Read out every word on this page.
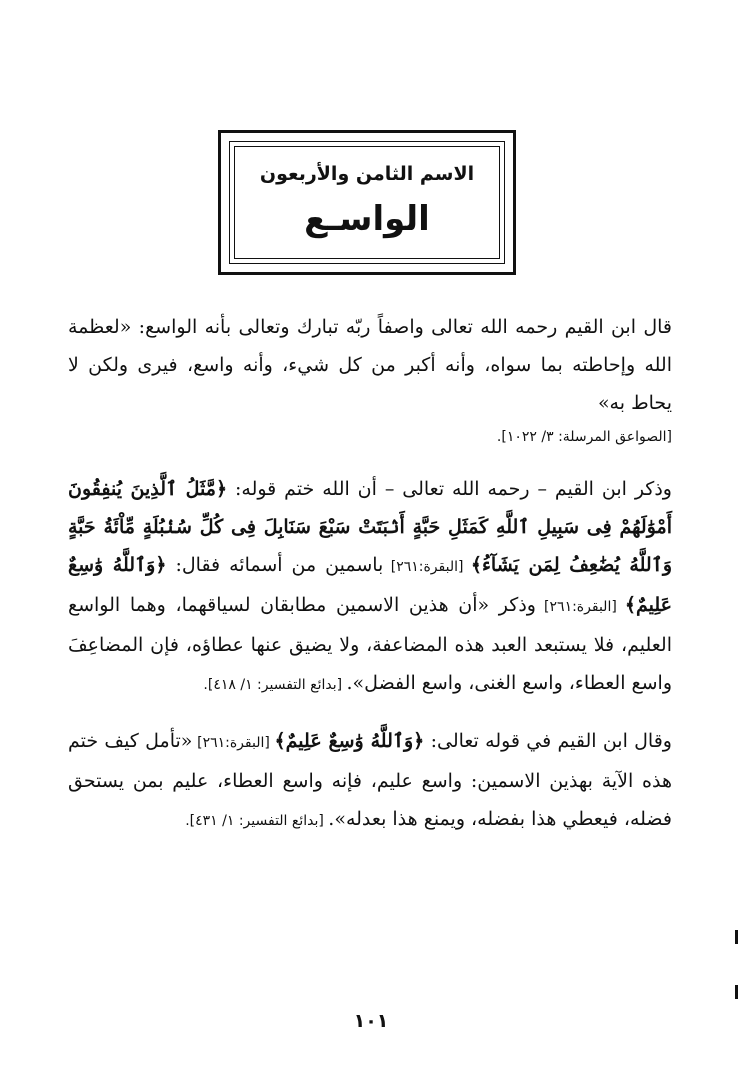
الاسم الثامن والأربعون
الواسـع

قال ابن القيم رحمه الله تعالى واصفاً ربّه تبارك وتعالى بأنه الواسع: «لعظمة الله وإحاطته بما سواه، وأنه أكبر من كل شيء، وأنه واسع، فيرى ولكن لا يحاط به»

[الصواعق المرسلة: ٣/ ١٠٢٢].
وذكر ابن القيم – رحمه الله تعالى – أن الله ختم قوله: ﴿مَّثَلُ ٱلَّذِينَ يُنفِقُونَ أَمْوَٰلَهُمْ فِى سَبِيلِ ٱللَّهِ كَمَثَلِ حَبَّةٍ أَنۢبَتَتْ سَبْعَ سَنَابِلَ فِى كُلِّ سُنۢبُلَةٍ مِّاْئَةُ حَبَّةٍ وَٱللَّهُ يُضَٰعِفُ لِمَن يَشَآءُ﴾ [البقرة:٢٦١] باسمين من أسمائه فقال: ﴿وَٱللَّهُ وَٰسِعٌ عَلِيمٌ﴾ [البقرة:٢٦١] وذكر «أن هذين الاسمين مطابقان لسياقهما، وهما الواسع العليم، فلا يستبعد العبد هذه المضاعفة، ولا يضيق عنها عطاؤه، فإن المضاعِفَ واسع العطاء، واسع الغنى، واسع الفضل». [بدائع التفسير: ١/ ٤١٨].
وقال ابن القيم في قوله تعالى: ﴿وَٱللَّهُ وَٰسِعٌ عَلِيمٌ﴾ [البقرة:٢٦١] «تأمل كيف ختم هذه الآية بهذين الاسمين: واسع عليم، فإنه واسع العطاء، عليم بمن يستحق فضله، فيعطي هذا بفضله، ويمنع هذا بعدله». [بدائع التفسير: ١/ ٤٣١].
١٠١
